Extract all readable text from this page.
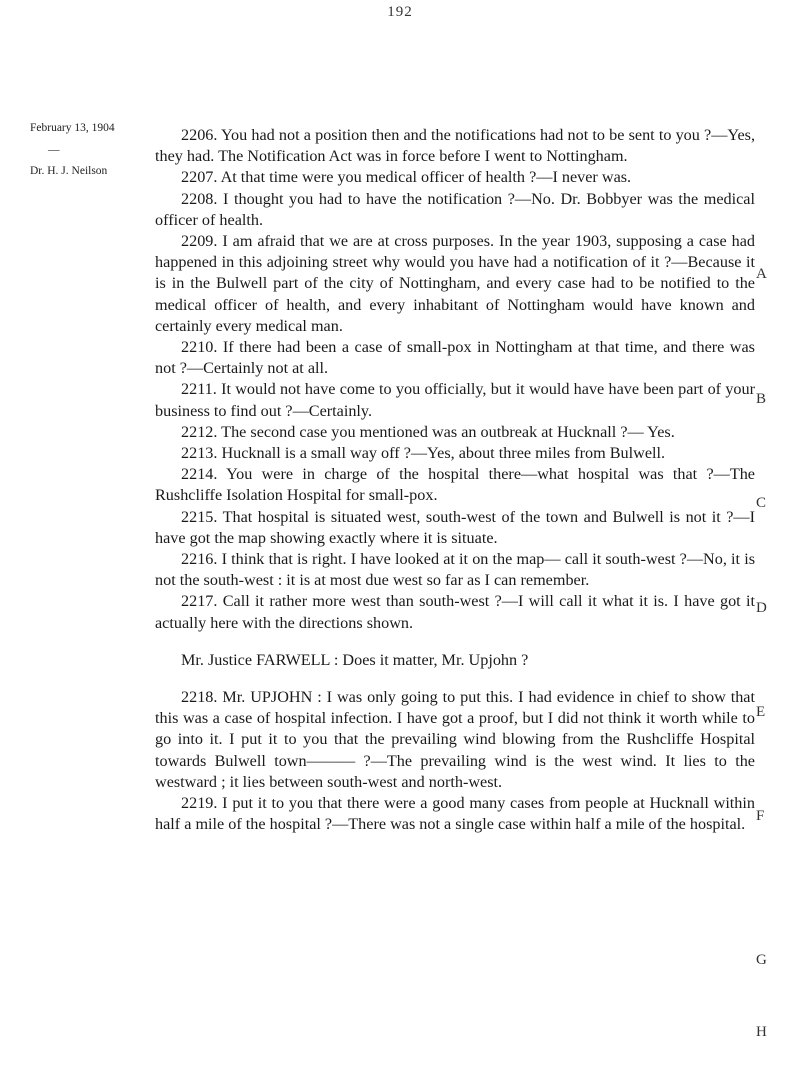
192
February 13, 1904
—
Dr. H. J. Neilson
A
B
C
D
E
F
G
H

2206. You had not a position then and the notifications had not to be sent to you ?—Yes, they had. The Notification Act was in force before I went to Nottingham.

2207. At that time were you medical officer of health ?—I never was.

2208. I thought you had to have the notification ?—No. Dr. Bobbyer was the medical officer of health.

2209. I am afraid that we are at cross purposes. In the year 1903, supposing a case had happened in this adjoining street why would you have had a notification of it ?—Because it is in the Bulwell part of the city of Nottingham, and every case had to be notified to the medical officer of health, and every inhabitant of Nottingham would have known and certainly every medical man.

2210. If there had been a case of small-pox in Nottingham at that time, and there was not ?—Certainly not at all.

2211. It would not have come to you officially, but it would have have been part of your business to find out ?—Certainly.

2212. The second case you mentioned was an outbreak at Hucknall ?— Yes.

2213. Hucknall is a small way off ?—Yes, about three miles from Bulwell.

2214. You were in charge of the hospital there—what hospital was that ?—The Rushcliffe Isolation Hospital for small-pox.

2215. That hospital is situated west, south-west of the town and Bulwell is not it ?—I have got the map showing exactly where it is situate.

2216. I think that is right. I have looked at it on the map— call it south-west ?—No, it is not the south-west : it is at most due west so far as I can remember.

2217. Call it rather more west than south-west ?—I will call it what it is. I have got it actually here with the directions shown.

Mr. Justice FARWELL : Does it matter, Mr. Upjohn ?

2218. Mr. UPJOHN : I was only going to put this. I had evidence in chief to show that this was a case of hospital infection. I have got a proof, but I did not think it worth while to go into it. I put it to you that the prevailing wind blowing from the Rushcliffe Hospital towards Bulwell town——— ?—The prevailing wind is the west wind. It lies to the westward ; it lies between south-west and north-west.

2219. I put it to you that there were a good many cases from people at Hucknall within half a mile of the hospital ?—There was not a single case within half a mile of the hospital.
